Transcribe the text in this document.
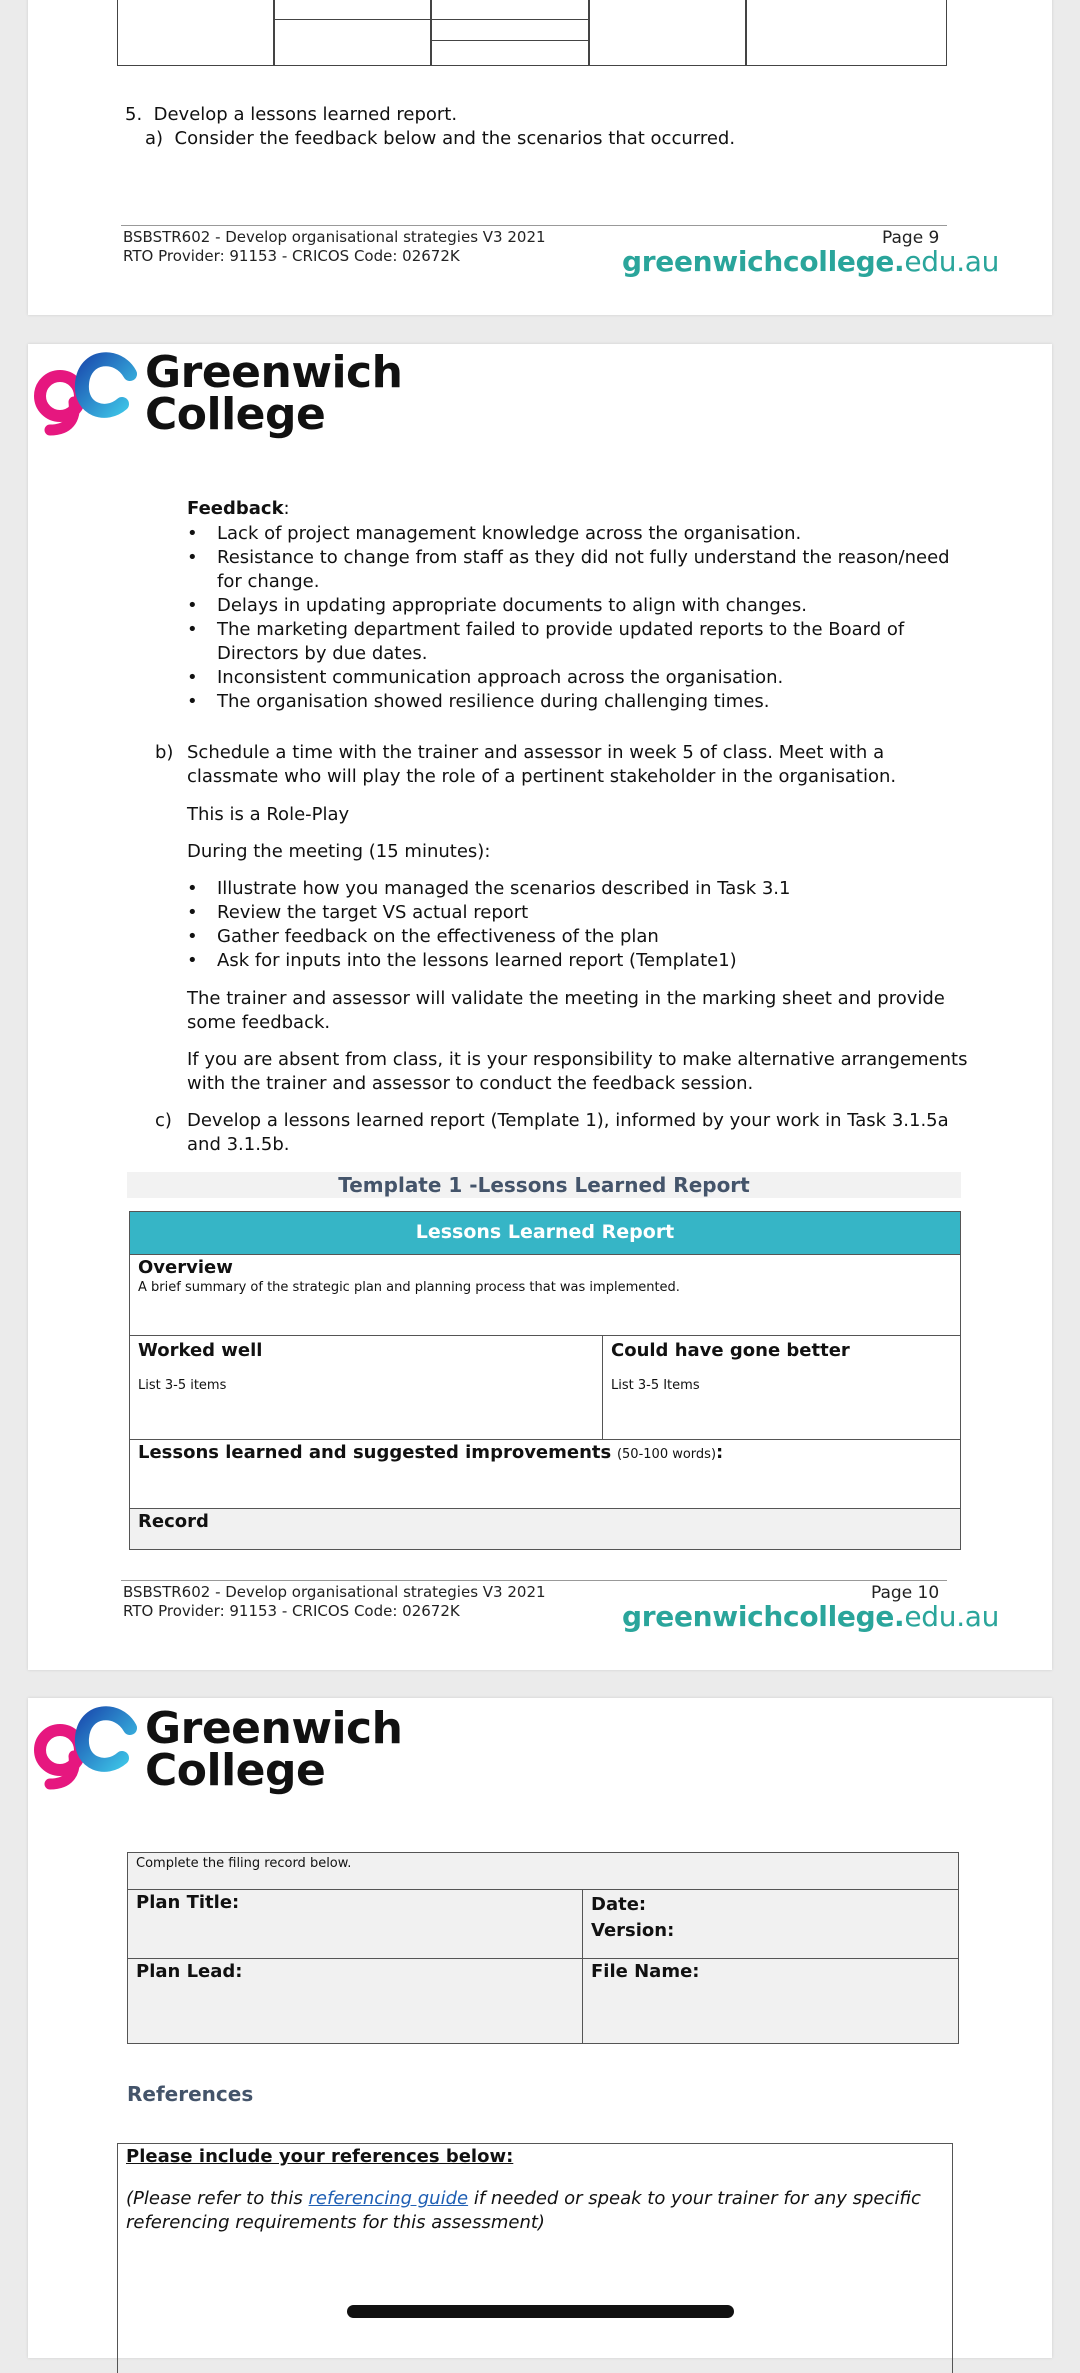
5.  Develop a lessons learned report.
a)  Consider the feedback below and the scenarios that occurred.
BSBSTR602 - Develop organisational strategies V3 2021
RTO Provider: 91153 - CRICOS Code: 02672K
Page 9
greenwichcollege.edu.au
Greenwich
College
Feedback:
• Lack of project management knowledge across the organisation.
• Resistance to change from staff as they did not fully understand the reason/need for change.
• Delays in updating appropriate documents to align with changes.
• The marketing department failed to provide updated reports to the Board of Directors by due dates.
• Inconsistent communication approach across the organisation.
• The organisation showed resilience during challenging times.
b) Schedule a time with the trainer and assessor in week 5 of class. Meet with a classmate who will play the role of a pertinent stakeholder in the organisation.
This is a Role-Play
During the meeting (15 minutes):
• Illustrate how you managed the scenarios described in Task 3.1
• Review the target VS actual report
• Gather feedback on the effectiveness of the plan
• Ask for inputs into the lessons learned report (Template1)
The trainer and assessor will validate the meeting in the marking sheet and provide some feedback.
If you are absent from class, it is your responsibility to make alternative arrangements with the trainer and assessor to conduct the feedback session.
c) Develop a lessons learned report (Template 1), informed by your work in Task 3.1.5a and 3.1.5b.
Template 1 -Lessons Learned Report
Lessons Learned Report
Overview
A brief summary of the strategic plan and planning process that was implemented.
Worked well
List 3-5 items
Could have gone better
List 3-5 Items
Lessons learned and suggested improvements (50-100 words):
Record
BSBSTR602 - Develop organisational strategies V3 2021
RTO Provider: 91153 - CRICOS Code: 02672K
Page 10
greenwichcollege.edu.au
Greenwich
College
Complete the filing record below.
Plan Title:	Date:
Version:
Plan Lead:	File Name:
References
Please include your references below:
(Please refer to this referencing guide if needed or speak to your trainer for any specific referencing requirements for this assessment)
